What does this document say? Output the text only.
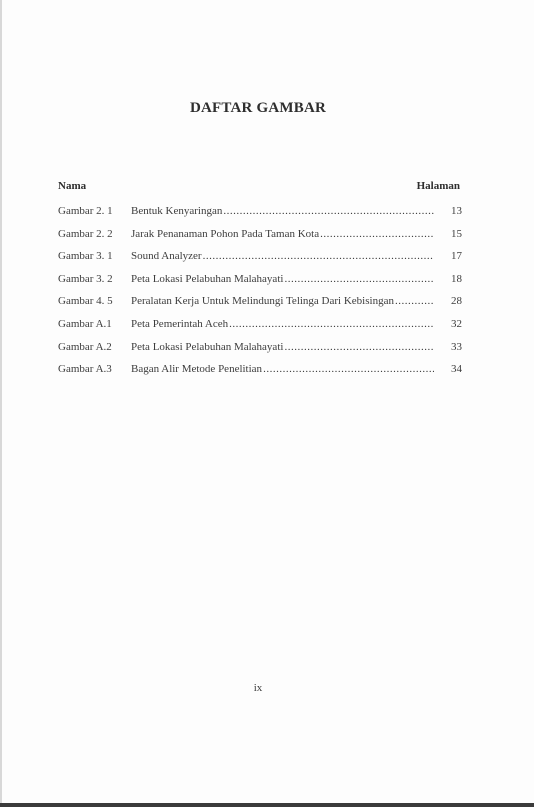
DAFTAR GAMBAR
Nama	Halaman
Gambar 2. 1	Bentuk Kenyaringan .....	13
Gambar 2. 2	Jarak Penanaman Pohon Pada Taman Kota .....	15
Gambar 3. 1	Sound Analyzer .....	17
Gambar 3. 2	Peta Lokasi Pelabuhan Malahayati .....	18
Gambar 4. 5	Peralatan Kerja Untuk Melindungi Telinga Dari Kebisingan .....	28
Gambar A.1	Peta Pemerintah Aceh .....	32
Gambar A.2	Peta Lokasi Pelabuhan Malahayati .....	33
Gambar A.3	Bagan Alir Metode Penelitian .....	34
ix
